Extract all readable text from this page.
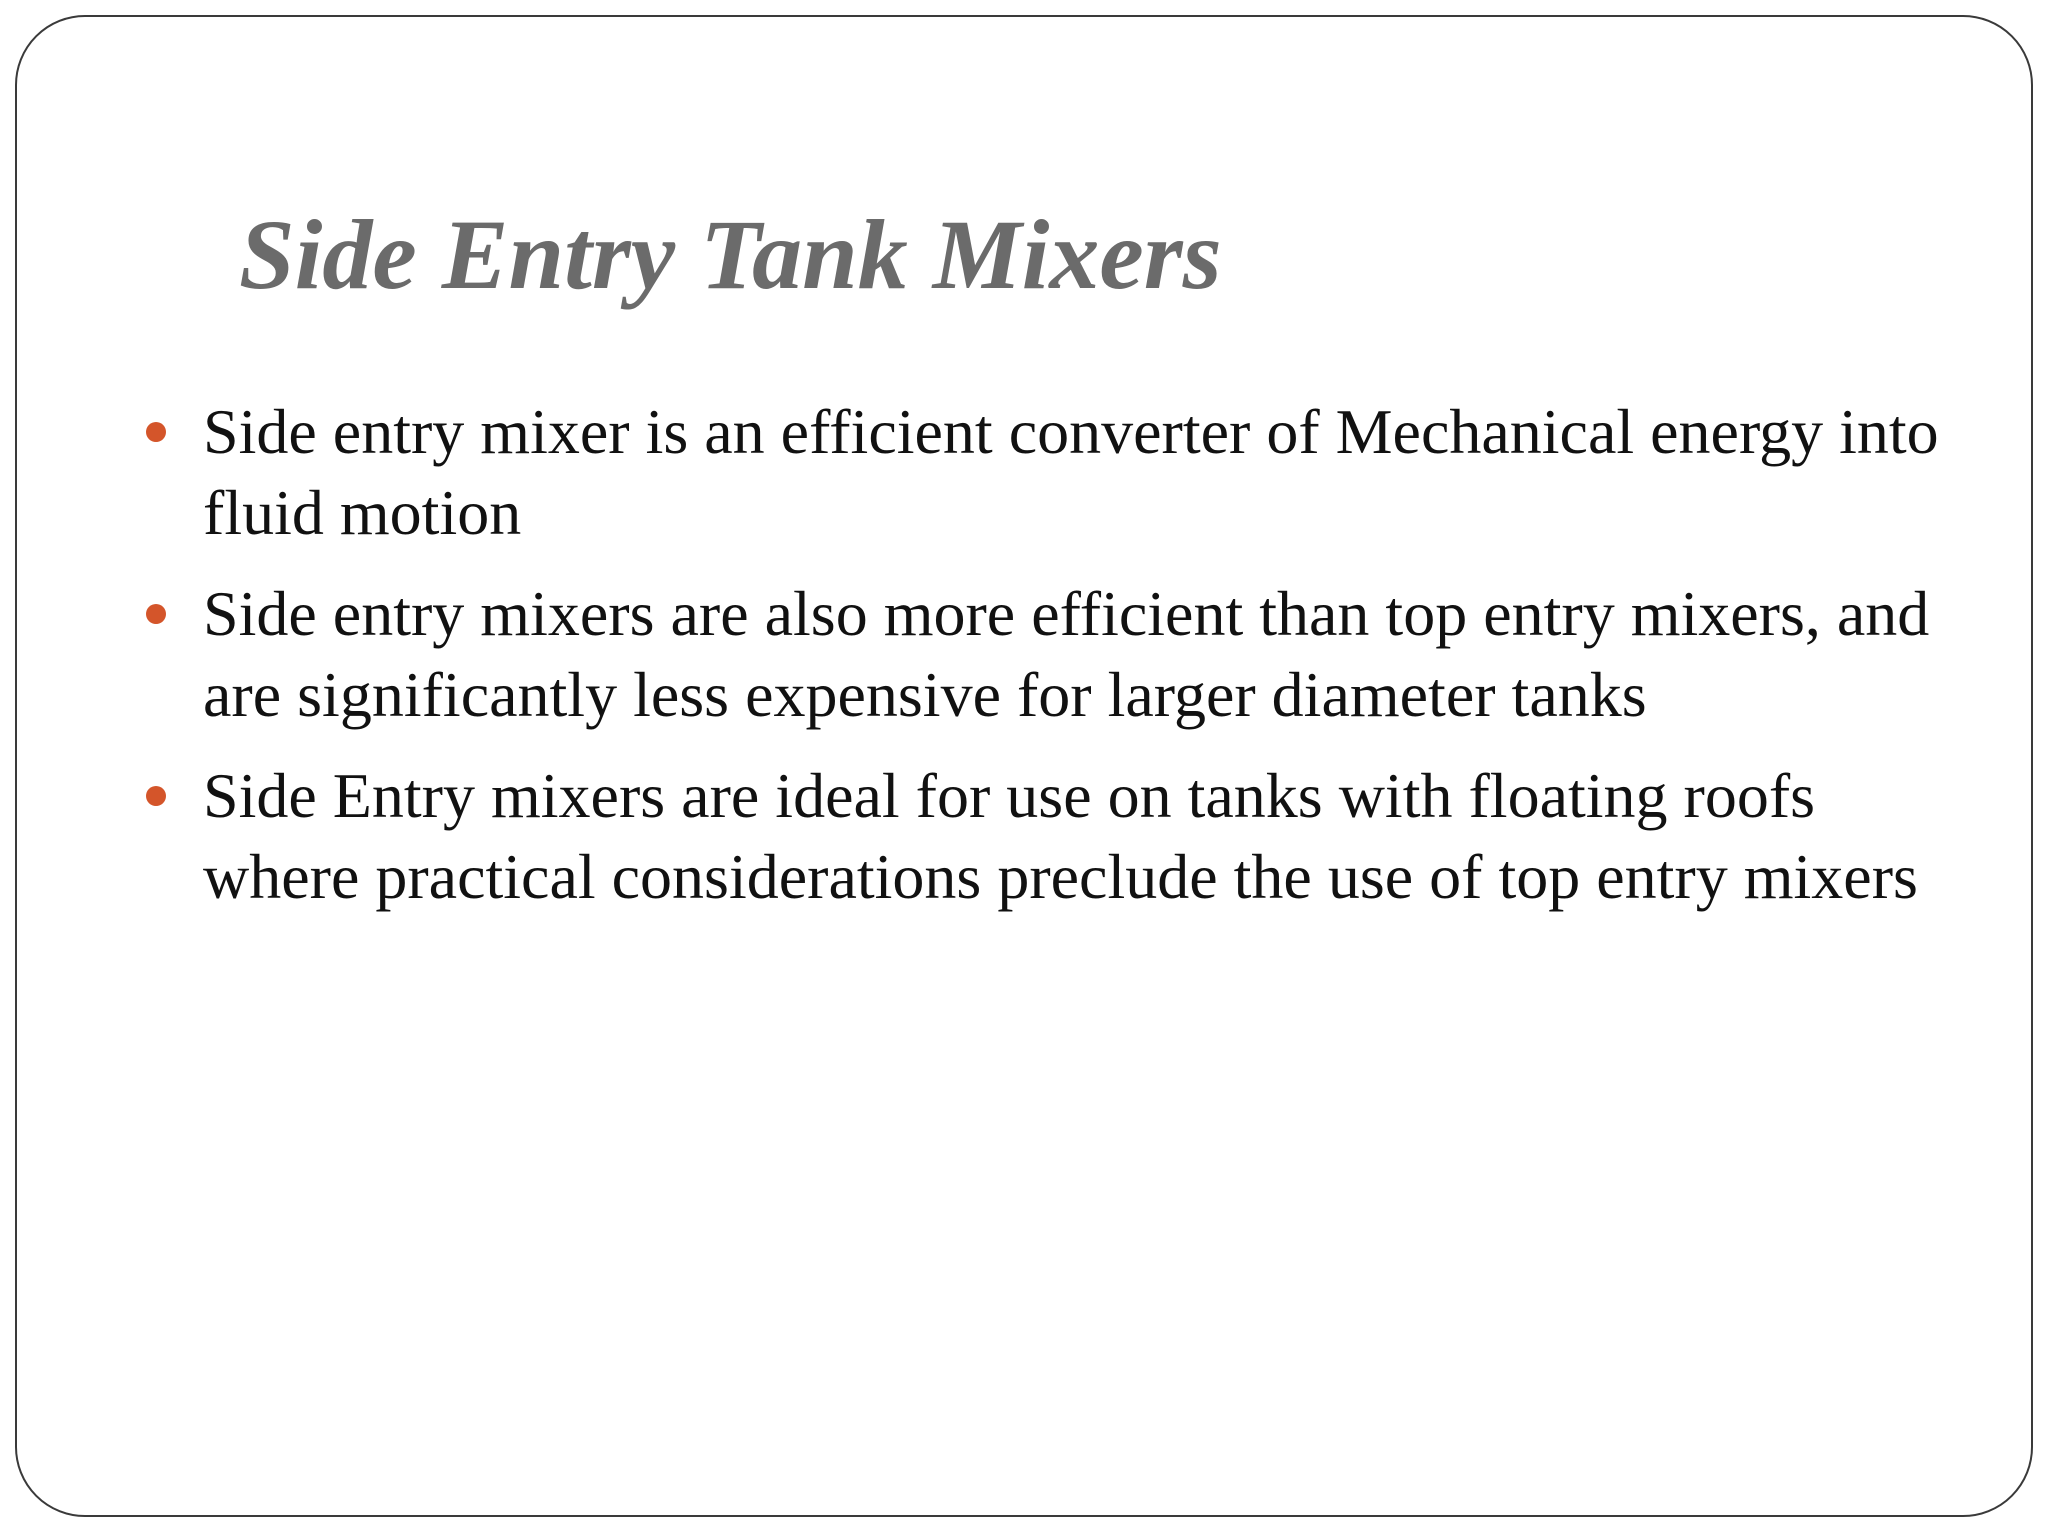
Side Entry Tank Mixers
Side entry mixer is an efficient converter of Mechanical energy into fluid motion
Side entry mixers are also more efficient than top entry mixers, and are significantly less expensive for larger diameter tanks
Side Entry mixers are ideal for use on tanks with floating roofs where practical considerations preclude the use of top entry mixers
